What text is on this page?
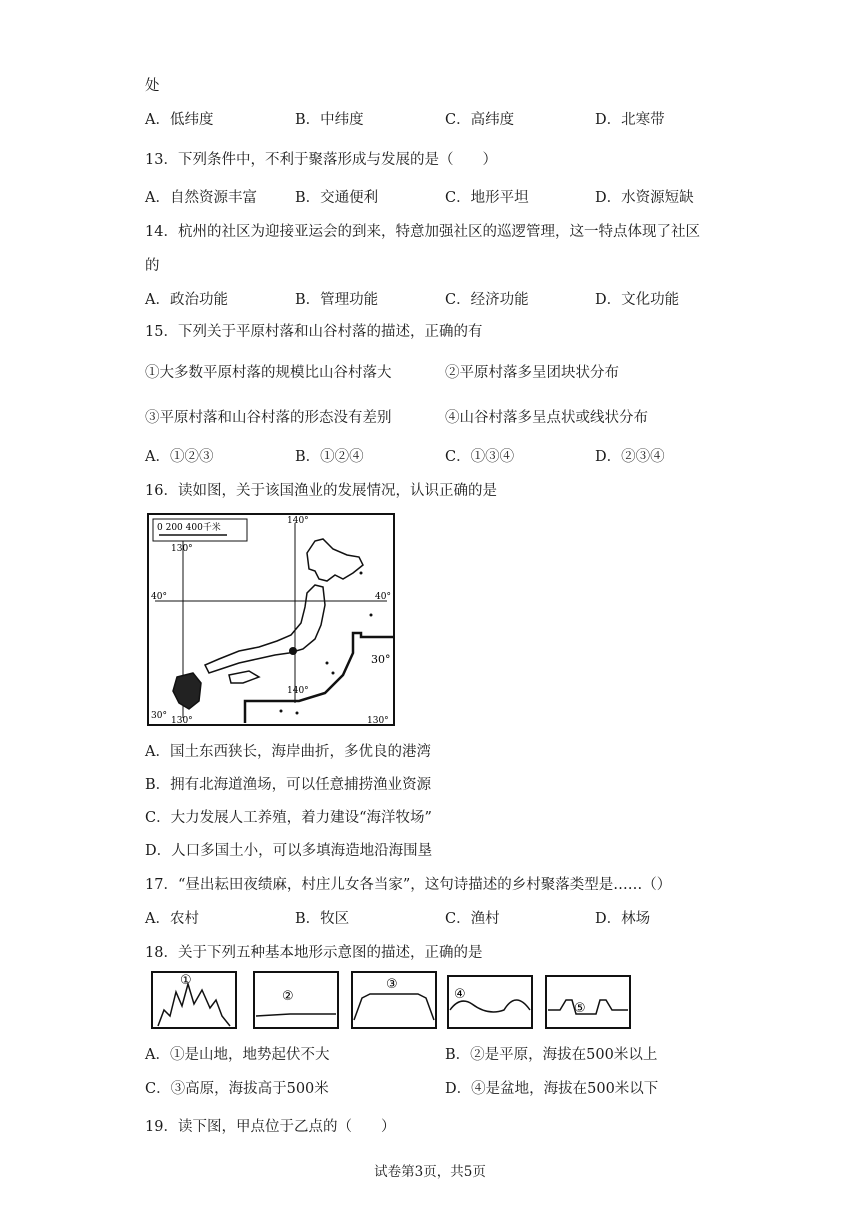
处
A．低纬度	B．中纬度	C．高纬度	D．北寒带
13．下列条件中，不利于聚落形成与发展的是（　　）
A．自然资源丰富	B．交通便利	C．地形平坦	D．水资源短缺
14．杭州的社区为迎接亚运会的到来，特意加强社区的巡逻管理，这一特点体现了社区
的
A．政治功能	B．管理功能	C．经济功能	D．文化功能
15．下列关于平原村落和山谷村落的描述，正确的有
①大多数平原村落的规模比山谷村落大	②平原村落多呈团块状分布
③平原村落和山谷村落的形态没有差别	④山谷村落多呈点状或线状分布
A．①②③	B．①②④	C．①③④	D．②③④
16．读如图，关于该国渔业的发展情况，认识正确的是
0 200 400千米
130°
140°
140°
130°	130°
40°	40°
30°
30°
A．国土东西狭长，海岸曲折，多优良的港湾
B．拥有北海道渔场，可以任意捕捞渔业资源
C．大力发展人工养殖，着力建设“海洋牧场”
D．人口多国土小，可以多填海造地沿海围垦
17．“昼出耘田夜绩麻，村庄儿女各当家”，这句诗描述的乡村聚落类型是……（）
A．农村	B．牧区	C．渔村	D．林场
18．关于下列五种基本地形示意图的描述，正确的是
①
②
③
④
⑤
A．①是山地，地势起伏不大	B．②是平原，海拔在500米以上
C．③高原，海拔高于500米	D．④是盆地，海拔在500米以下
19．读下图，甲点位于乙点的（　　）
试卷第3页，共5页
